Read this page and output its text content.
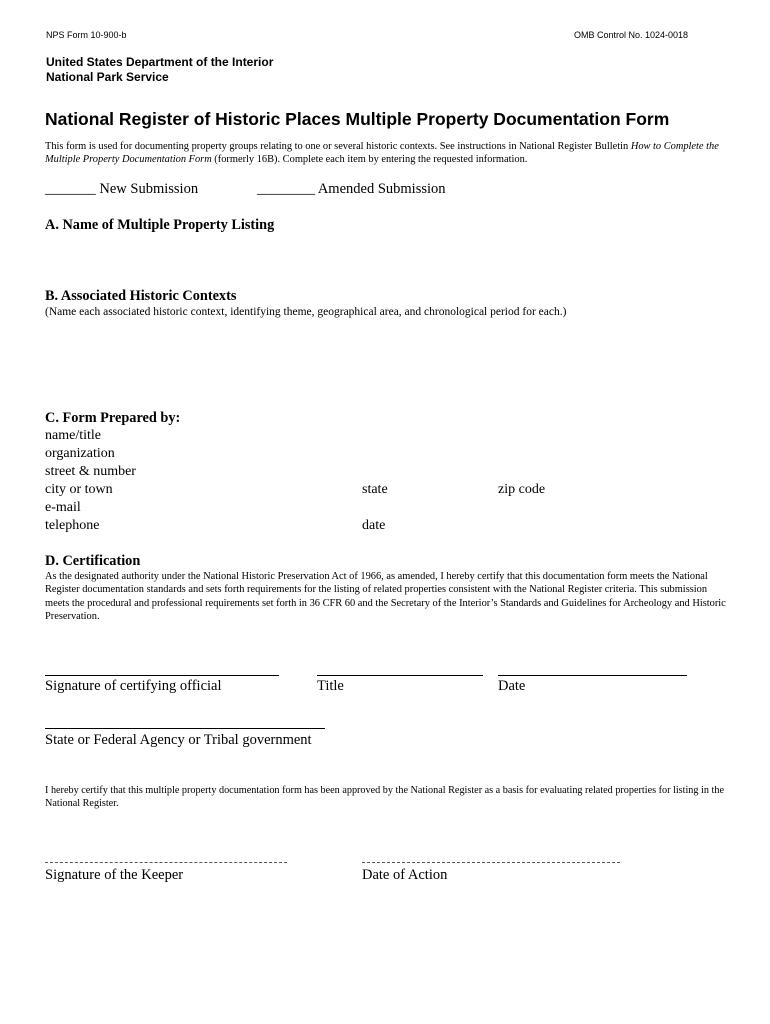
NPS Form 10-900-b	OMB Control No. 1024-0018
United States Department of the Interior
National Park Service
National Register of Historic Places Multiple Property Documentation Form
This form is used for documenting property groups relating to one or several historic contexts. See instructions in National Register Bulletin How to Complete the Multiple Property Documentation Form (formerly 16B). Complete each item by entering the requested information.
_______ New Submission	________ Amended Submission
A. Name of Multiple Property Listing
B. Associated Historic Contexts
(Name each associated historic context, identifying theme, geographical area, and chronological period for each.)
C. Form Prepared by:
name/title
organization
street & number
city or town	state	zip code
e-mail
telephone	date
D. Certification
As the designated authority under the National Historic Preservation Act of 1966, as amended, I hereby certify that this documentation form meets the National Register documentation standards and sets forth requirements for the listing of related properties consistent with the National Register criteria. This submission meets the procedural and professional requirements set forth in 36 CFR 60 and the Secretary of the Interior’s Standards and Guidelines for Archeology and Historic Preservation.
Signature of certifying official	Title	Date
State or Federal Agency or Tribal government
I hereby certify that this multiple property documentation form has been approved by the National Register as a basis for evaluating related properties for listing in the National Register.
Signature of the Keeper	Date of Action
